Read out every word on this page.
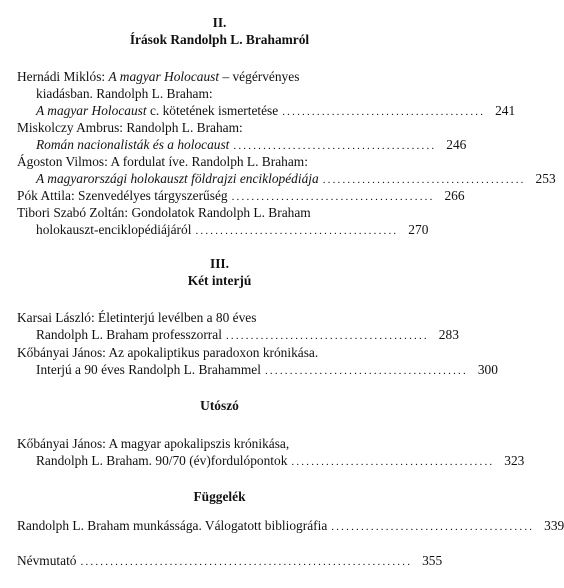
II.
Írások Randolph L. Brahamról
Hernádi Miklós: A magyar Holocaust – végérvényes
kiadásban. Randolph L. Braham:
A magyar Holocaust c. kötetének ismertetése ......................................... 241
Miskolczy Ambrus: Randolph L. Braham:
Román nacionalisták és a holocaust ......................................... 246
Ágoston Vilmos: A fordulat íve. Randolph L. Braham:
A magyarországi holokauszt földrajzi enciklopédiája ......................................... 253
Pók Attila: Szenvedélyes tárgyszerűség ......................................... 266
Tibori Szabó Zoltán: Gondolatok Randolph L. Braham
holokauszt-enciklopédiájáról ......................................... 270
III.
Két interjú
Karsai László: Életinterjú levélben a 80 éves
Randolph L. Braham professzorral ......................................... 283
Kőbányai János: Az apokaliptikus paradoxon krónikása.
Interjú a 90 éves Randolph L. Brahammel ......................................... 300
Utószó
Kőbányai János: A magyar apokalipszis krónikása,
Randolph L. Braham. 90/70 (év)fordulópontok ......................................... 323
Függelék
Randolph L. Braham munkássága. Válogatott bibliográfia ......................................... 339
Névmutató ................................................................... 355
